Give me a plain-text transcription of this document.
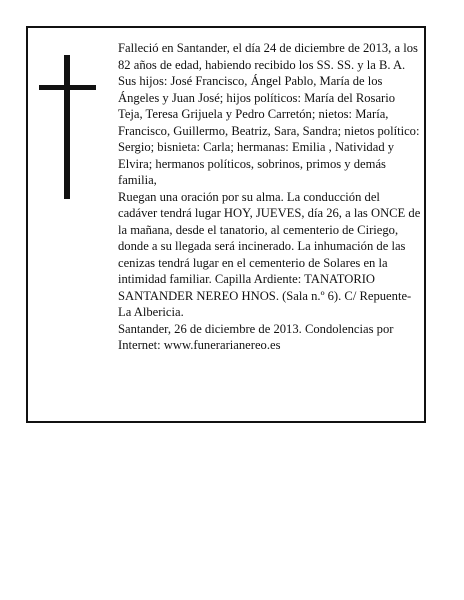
Falleció en Santander, el día 24 de diciembre de 2013, a los 82 años de edad, habiendo recibido los SS. SS. y la B. A.

Sus hijos: José Francisco, Ángel Pablo, María de los Ángeles y Juan José; hijos políticos: María del Rosario Teja, Teresa Grijuela y Pedro Carretón; nietos: María, Francisco, Guillermo, Beatriz, Sara, Sandra; nietos político: Sergio; bisnieta: Carla; hermanas: Emilia , Natividad y Elvira; hermanos políticos, sobrinos, primos y demás familia,

Ruegan una oración por su alma. La conducción del cadáver tendrá lugar HOY, JUEVES, día 26, a las ONCE de la mañana, desde el tanatorio, al cementerio de Ciriego, donde a su llegada será incinerado. La inhumación de las cenizas tendrá lugar en el cementerio de Solares en la intimidad familiar. Capilla Ardiente: TANATORIO SANTANDER NEREO HNOS. (Sala n.º 6). C/ Repuente-La Albericia.

Santander, 26 de diciembre de 2013. Condolencias por Internet: www.funerarianereo.es
